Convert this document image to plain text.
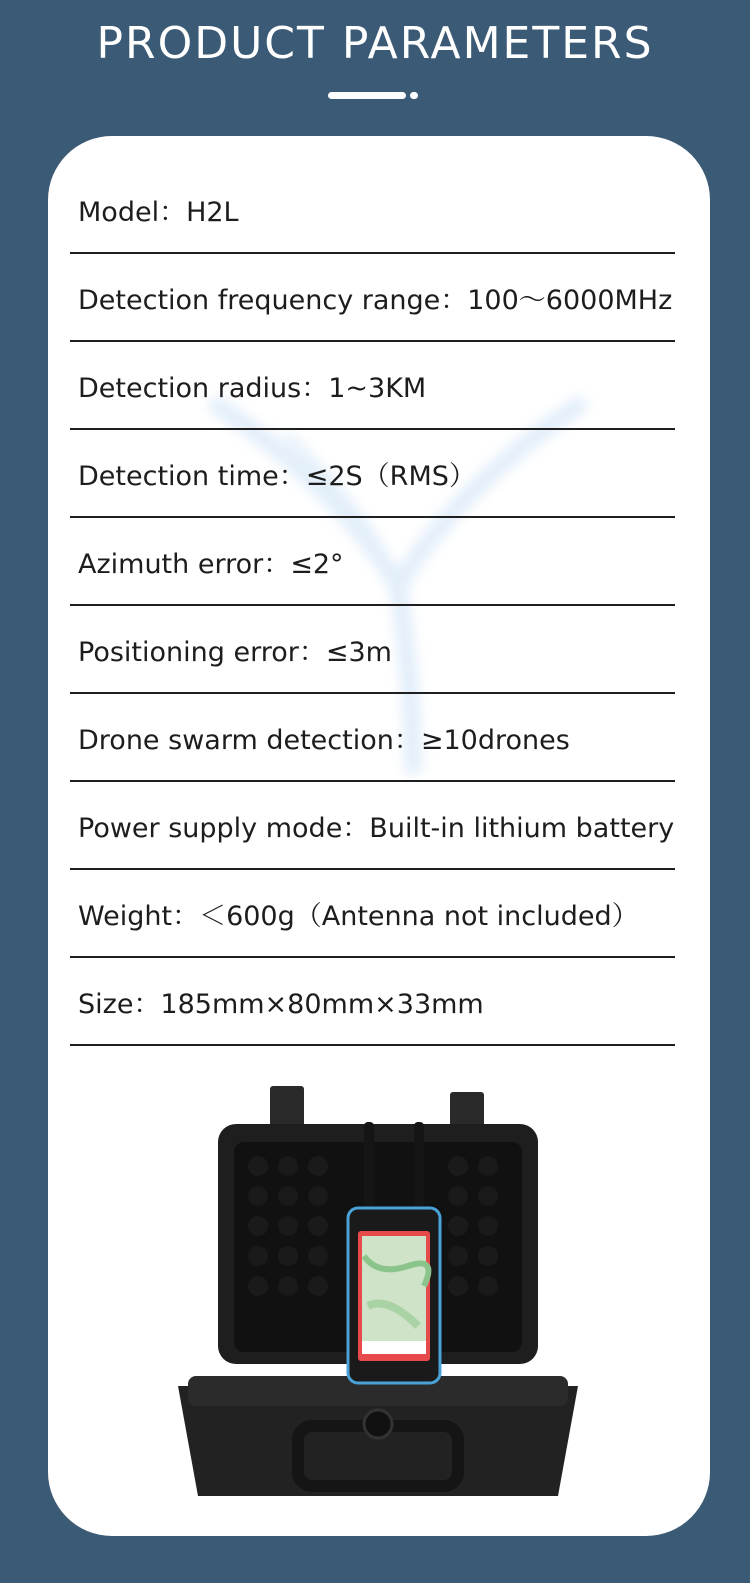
PRODUCT PARAMETERS
Model：H2L
Detection frequency range：100～6000MHz
Detection radius：1~3KM
Detection time：≤2S（RMS）
Azimuth error：≤2°
Positioning error：≤3m
Drone swarm detection：≥10drones
Power supply mode：Built-in lithium battery
Weight：＜600g（Antenna not included）
Size：185mm×80mm×33mm
